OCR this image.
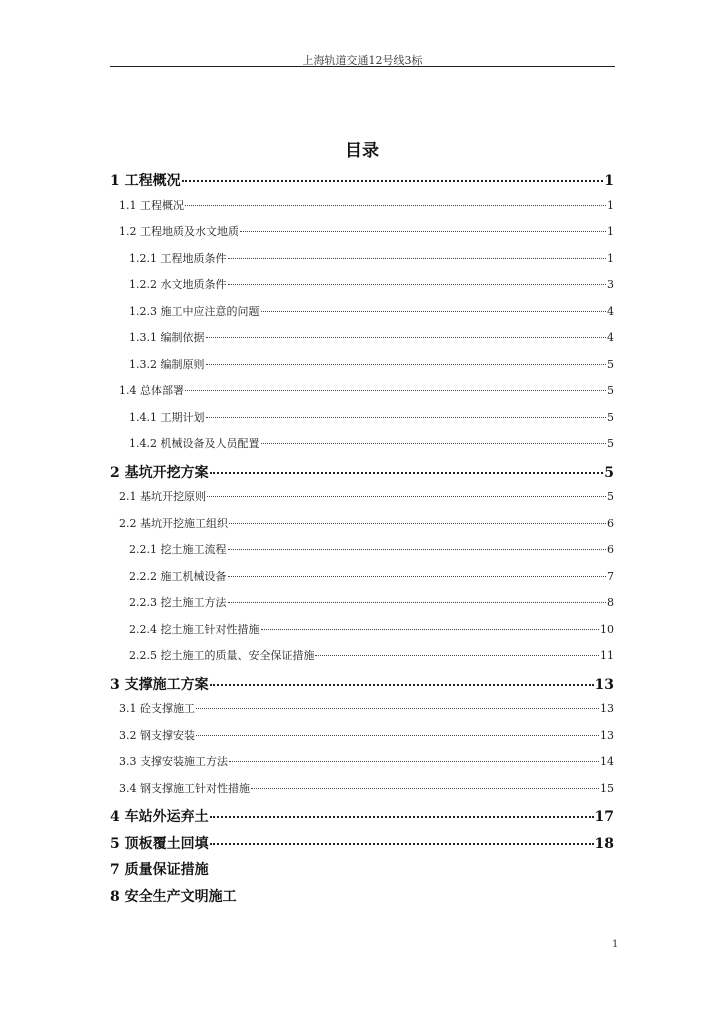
上海轨道交通12号线3标
目录
1 工程概况	1
1.1 工程概况	1
1.2 工程地质及水文地质	1
1.2.1 工程地质条件	1
1.2.2 水文地质条件	3
1.2.3 施工中应注意的问题	4
1.3.1 编制依据	4
1.3.2 编制原则	5
1.4 总体部署	5
1.4.1 工期计划	5
1.4.2 机械设备及人员配置	5
2 基坑开挖方案	5
2.1 基坑开挖原则	5
2.2 基坑开挖施工组织	6
2.2.1 挖土施工流程	6
2.2.2 施工机械设备	7
2.2.3 挖土施工方法	8
2.2.4 挖土施工针对性措施	10
2.2.5 挖土施工的质量、安全保证措施	11
3 支撑施工方案	13
3.1 砼支撑施工	13
3.2 钢支撑安装	13
3.3 支撑安装施工方法	14
3.4 钢支撑施工针对性措施	15
4 车站外运弃土	17
5 顶板覆土回填	18
7 质量保证措施
8 安全生产文明施工
1
